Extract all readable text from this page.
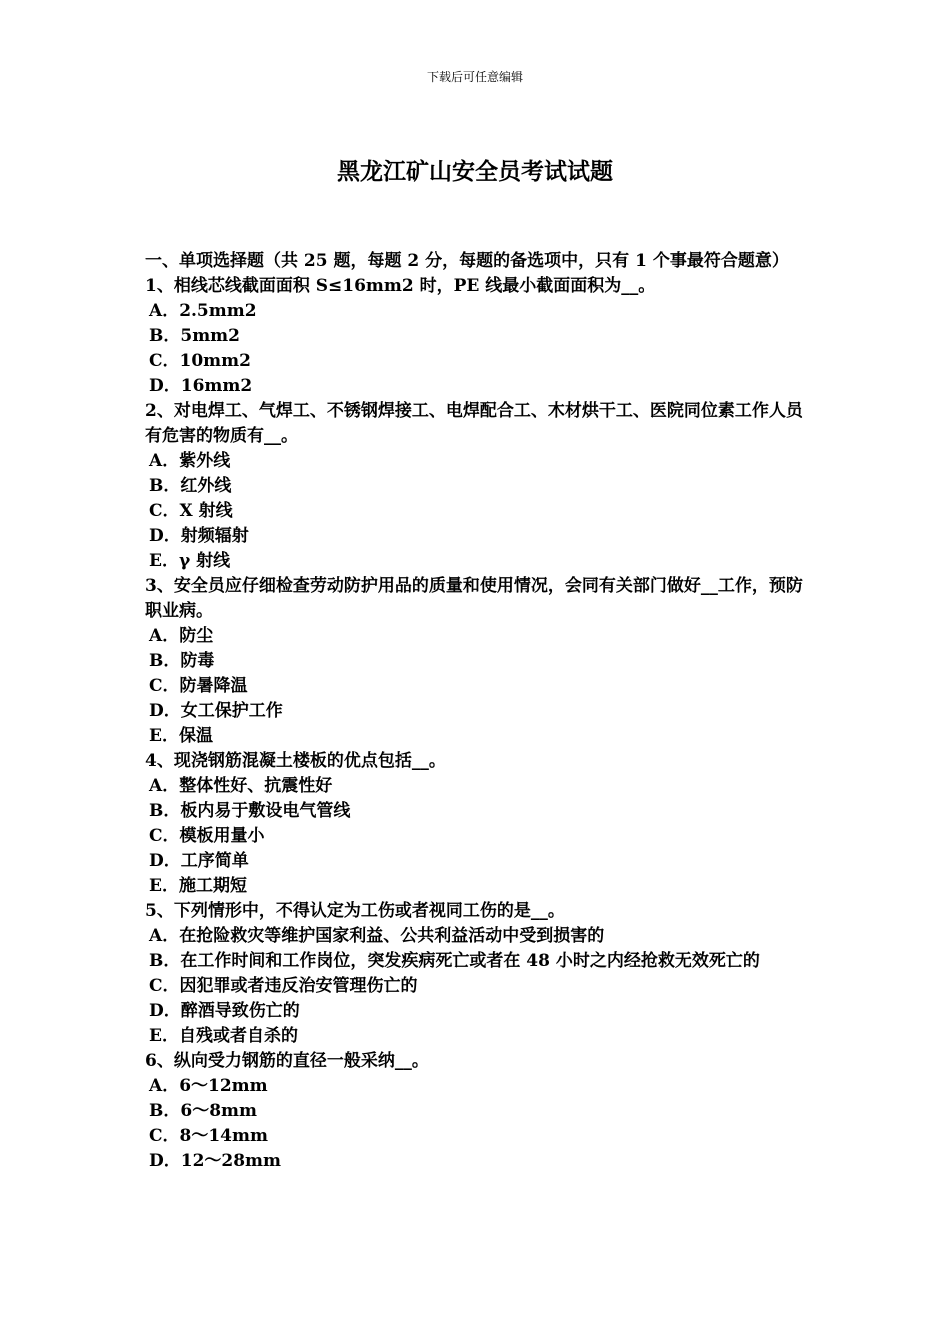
下载后可任意编辑
黑龙江矿山安全员考试试题
一、单项选择题（共 25 题，每题 2 分，每题的备选项中，只有 1 个事最符合题意）
1、相线芯线截面面积 S≤16mm2 时，PE 线最小截面面积为__。
A．2.5mm2
B．5mm2
C．10mm2
D．16mm2
2、对电焊工、气焊工、不锈钢焊接工、电焊配合工、木材烘干工、医院同位素工作人员有危害的物质有__。
A．紫外线
B．红外线
C．X 射线
D．射频辐射
E．γ 射线
3、安全员应仔细检查劳动防护用品的质量和使用情况，会同有关部门做好__工作，预防职业病。
A．防尘
B．防毒
C．防暑降温
D．女工保护工作
E．保温
4、现浇钢筋混凝土楼板的优点包括__。
A．整体性好、抗震性好
B．板内易于敷设电气管线
C．模板用量小
D．工序简单
E．施工期短
5、下列情形中，不得认定为工伤或者视同工伤的是__。
A．在抢险救灾等维护国家利益、公共利益活动中受到损害的
B．在工作时间和工作岗位，突发疾病死亡或者在 48 小时之内经抢救无效死亡的
C．因犯罪或者违反治安管理伤亡的
D．醉酒导致伤亡的
E．自残或者自杀的
6、纵向受力钢筋的直径一般采纳__。
A．6～12mm
B．6～8mm
C．8～14mm
D．12～28mm
